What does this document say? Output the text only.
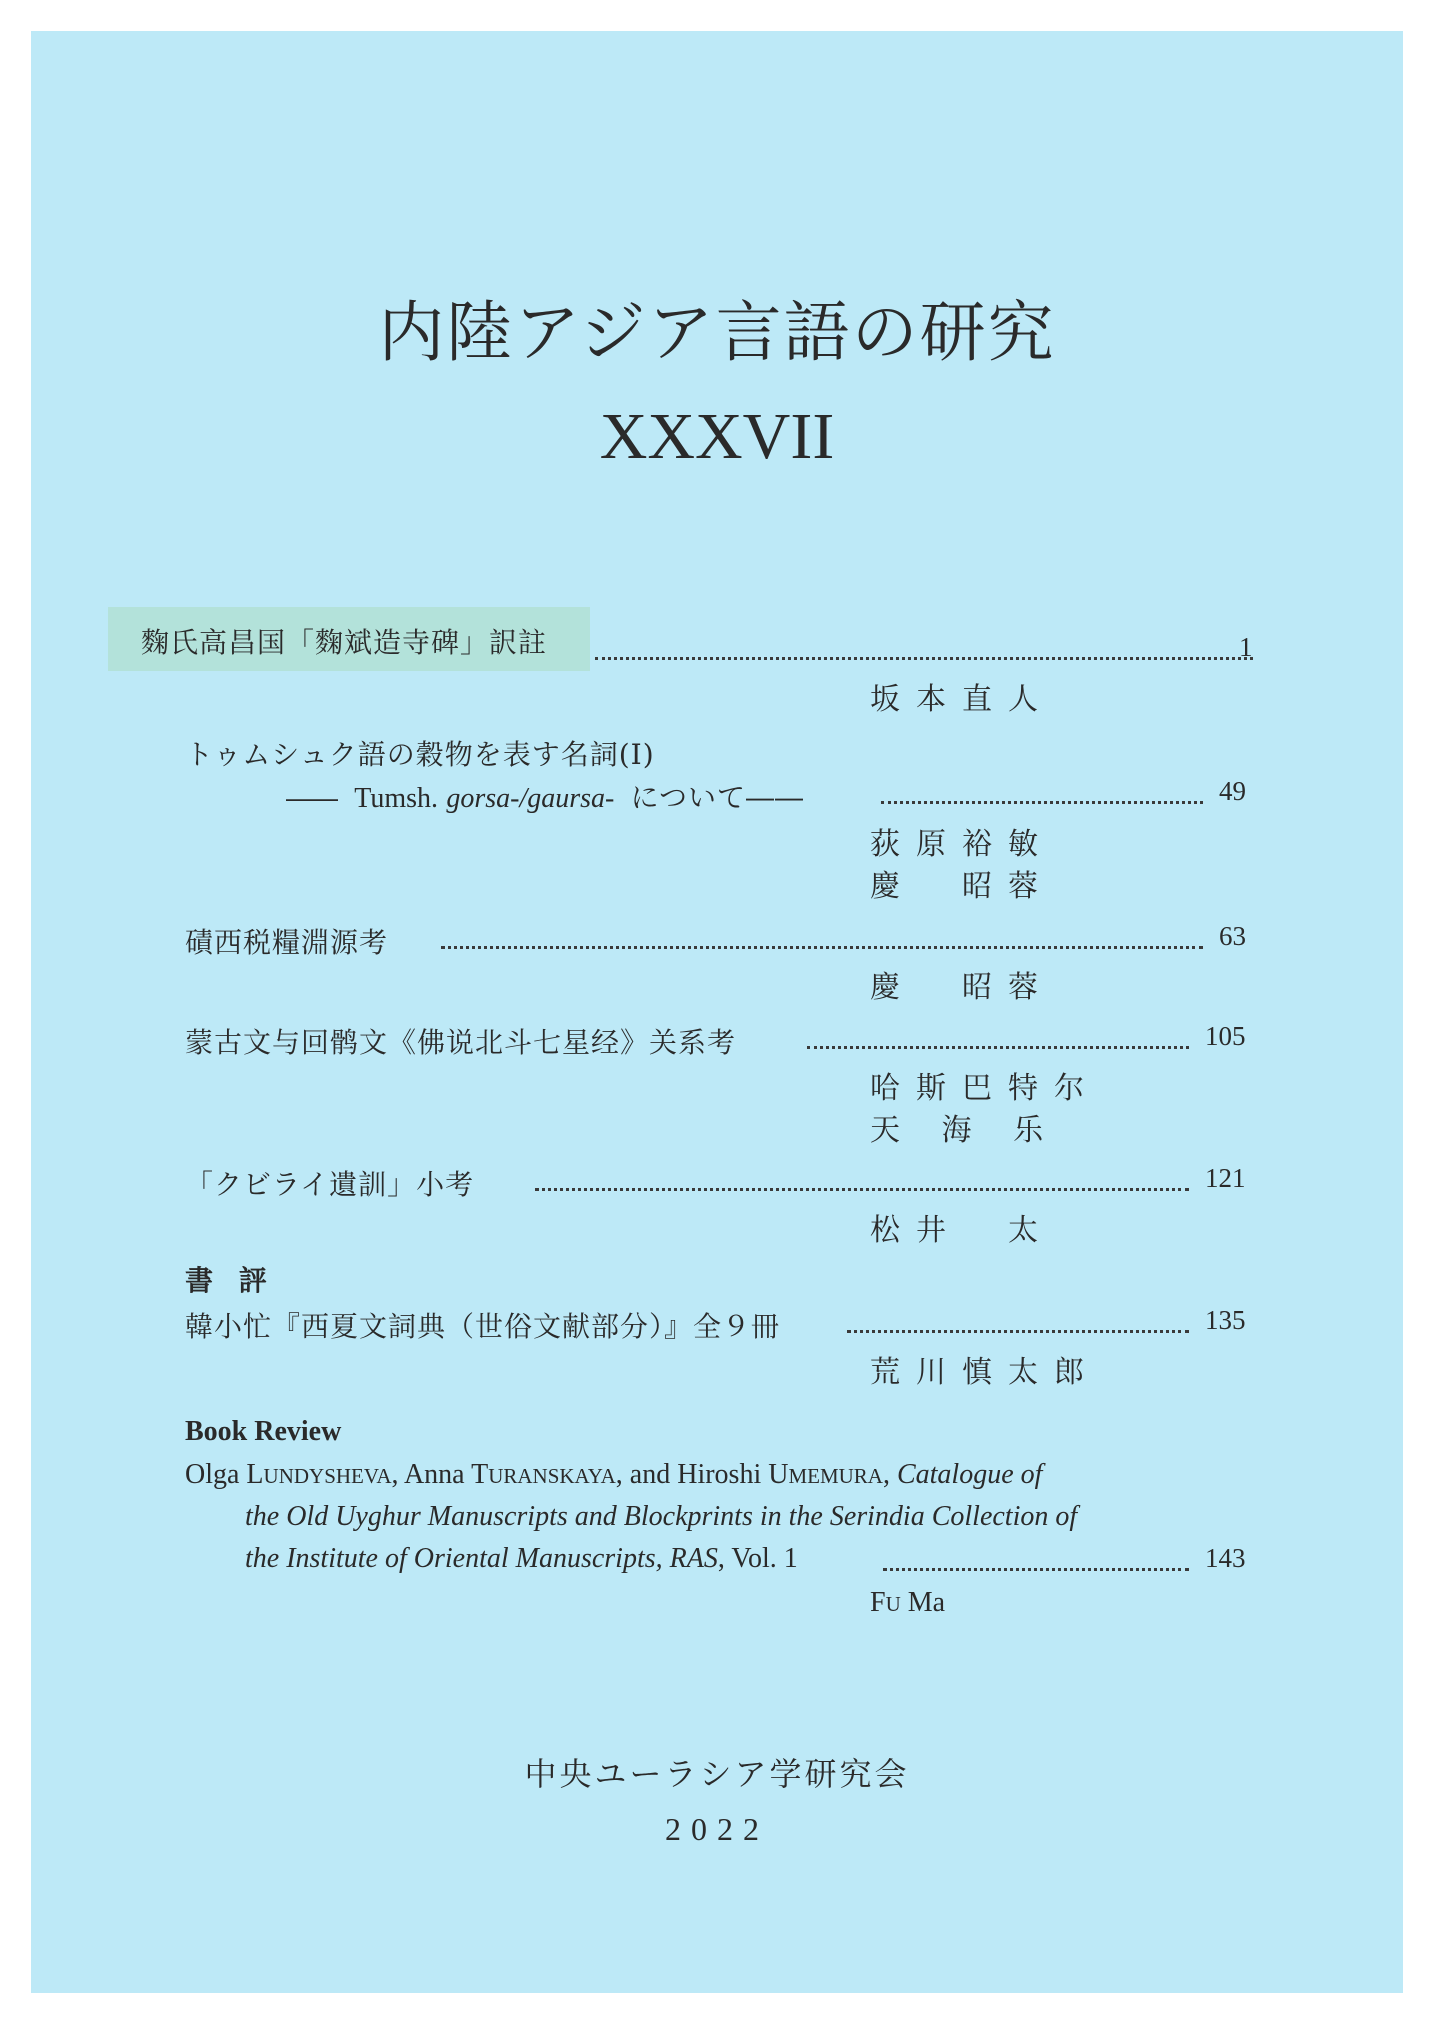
内陸アジア言語の研究
XXXVII
麴氏高昌国「麴斌造寺碑」訳註	1
坂本直人
トゥムシュク語の穀物を表す名詞(I)
―― Tumsh. gorsa-/gaursa- について――	49
荻原裕敏
慶　昭蓉
磧西税糧淵源考	63
慶　昭蓉
蒙古文与回鹘文《佛说北斗七星经》关系考	105
哈斯巴特尔
天 海 乐
「クビライ遺訓」小考	121
松井　太
書 評
韓小忙『西夏文詞典（世俗文献部分）』全９冊	135
荒川慎太郎
Book Review
Olga LUNDYSHEVA, Anna TURANSKAYA, and Hiroshi UMEMURA, Catalogue of
the Old Uyghur Manuscripts and Blockprints in the Serindia Collection of
the Institute of Oriental Manuscripts, RAS, Vol. 1	143
FU Ma
中央ユーラシア学研究会
2022
